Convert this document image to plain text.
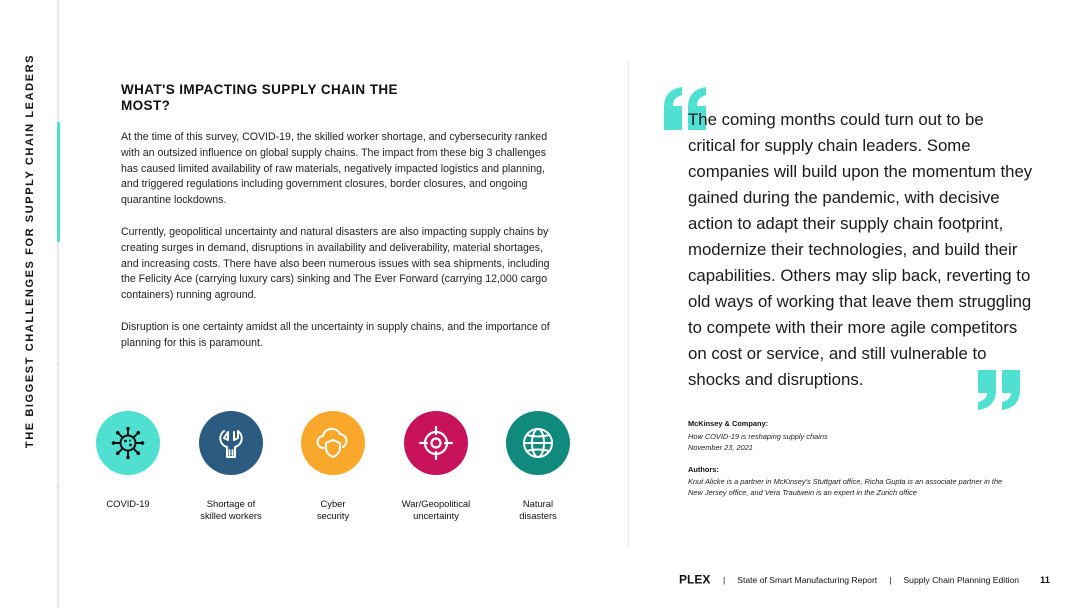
THE BIGGEST CHALLENGES FOR SUPPLY CHAIN LEADERS	WHAT'S IMPACTING SUPPLY CHAIN THE MOST?
At the time of this survey, COVID-19, the skilled worker shortage, and cybersecurity ranked with an outsized influence on global supply chains. The impact from these big 3 challenges has caused limited availability of raw materials, negatively impacted logistics and planning, and triggered regulations including government closures, border closures, and ongoing quarantine lockdowns.
Currently, geopolitical uncertainty and natural disasters are also impacting supply chains by creating surges in demand, disruptions in availability and deliverability, material shortages, and increasing costs. There have also been numerous issues with sea shipments, including the Felicity Ace (carrying luxury cars) sinking and The Ever Forward (carrying 12,000 cargo containers) running aground.
Disruption is one certainty amidst all the uncertainty in supply chains, and the importance of planning for this is paramount.
COVID-19	Shortage of
skilled workers
Cyber
security
War/Geopolitical
uncertainty
Natural
disasters
The coming months could turn out to be critical for supply chain leaders. Some companies will build upon the momentum they gained during the pandemic, with decisive action to adapt their supply chain footprint, modernize their technologies, and build their capabilities. Others may slip back, reverting to old ways of working that leave them struggling to compete with their more agile competitors on cost or service, and still vulnerable to shocks and disruptions.
McKinsey & Company:
How COVID-19 is reshaping supply chains
November 23, 2021
Authors:
Knut Alicke is a partner in McKinsey's Stuttgart office, Richa Gupta is an associate partner in the New Jersey office, and Vera Trautwein is an expert in the Zurich office
PLEX | State of Smart Manufacturing Report | Supply Chain Planning Edition 11
